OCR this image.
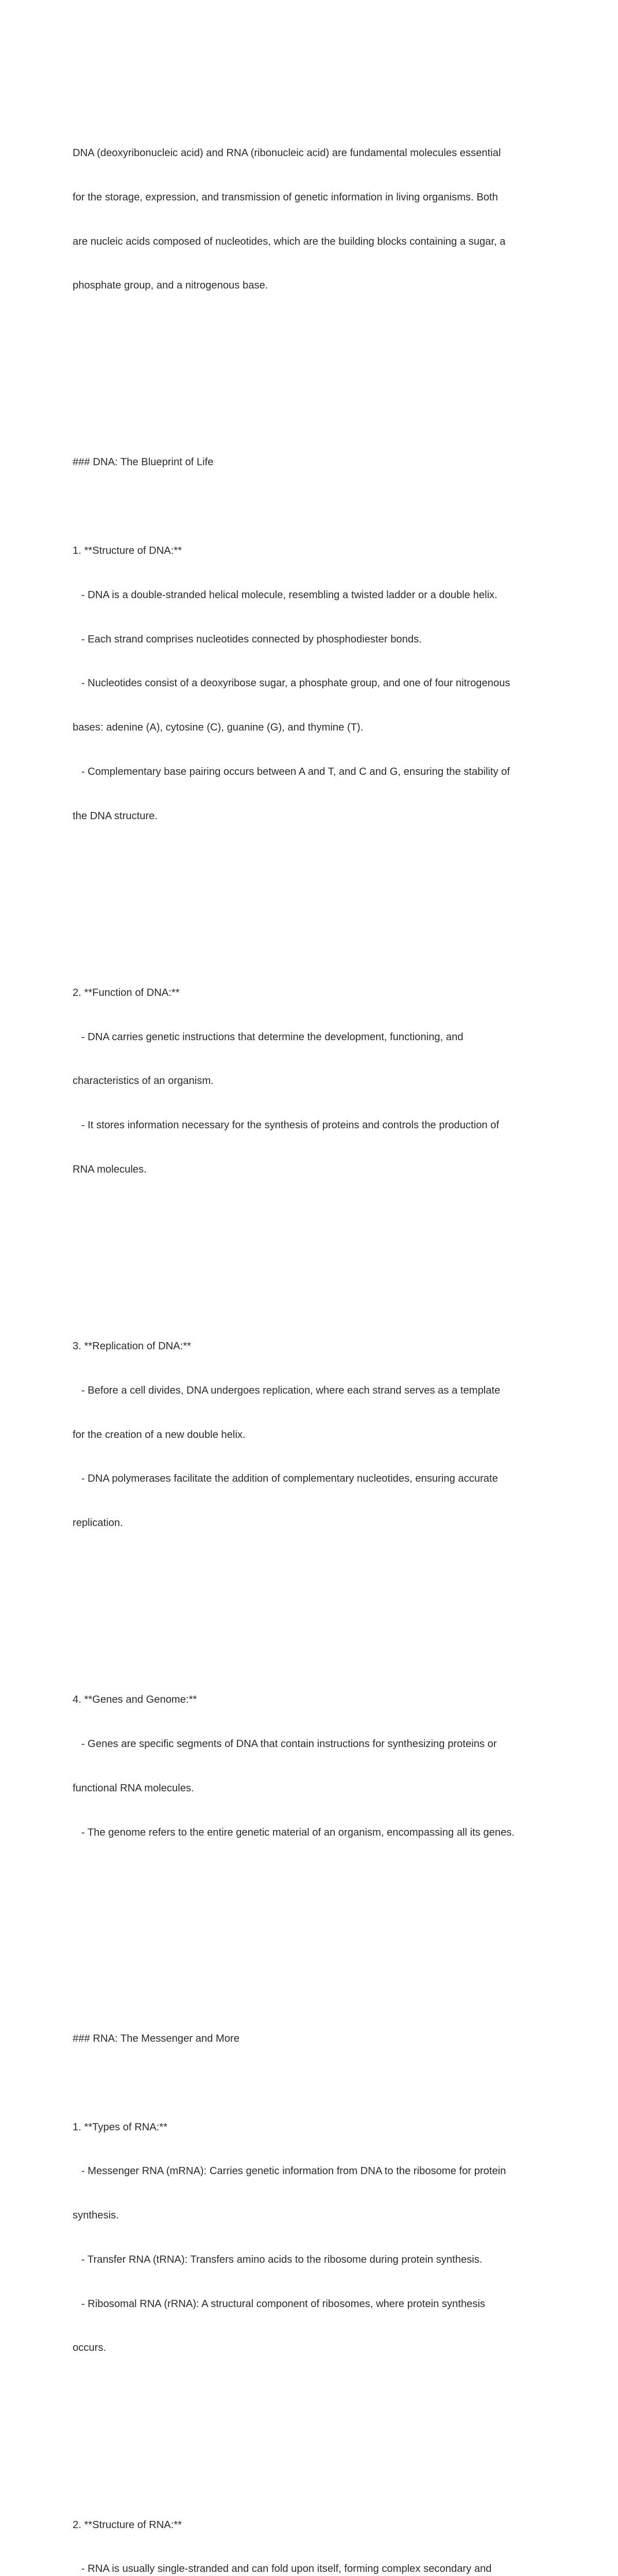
DNA (deoxyribonucleic acid) and RNA (ribonucleic acid) are fundamental molecules essential

for the storage, expression, and transmission of genetic information in living organisms. Both

are nucleic acids composed of nucleotides, which are the building blocks containing a sugar, a

phosphate group, and a nitrogenous base.

### DNA: The Blueprint of Life

1. **Structure of DNA:**

- DNA is a double-stranded helical molecule, resembling a twisted ladder or a double helix.

- Each strand comprises nucleotides connected by phosphodiester bonds.

- Nucleotides consist of a deoxyribose sugar, a phosphate group, and one of four nitrogenous

bases: adenine (A), cytosine (C), guanine (G), and thymine (T).

- Complementary base pairing occurs between A and T, and C and G, ensuring the stability of

the DNA structure.

2. **Function of DNA:**

- DNA carries genetic instructions that determine the development, functioning, and

characteristics of an organism.

- It stores information necessary for the synthesis of proteins and controls the production of

RNA molecules.

3. **Replication of DNA:**

- Before a cell divides, DNA undergoes replication, where each strand serves as a template

for the creation of a new double helix.

- DNA polymerases facilitate the addition of complementary nucleotides, ensuring accurate

replication.

4. **Genes and Genome:**

- Genes are specific segments of DNA that contain instructions for synthesizing proteins or

functional RNA molecules.

- The genome refers to the entire genetic material of an organism, encompassing all its genes.

### RNA: The Messenger and More

1. **Types of RNA:**

- Messenger RNA (mRNA): Carries genetic information from DNA to the ribosome for protein

synthesis.

- Transfer RNA (tRNA): Transfers amino acids to the ribosome during protein synthesis.

- Ribosomal RNA (rRNA): A structural component of ribosomes, where protein synthesis

occurs.

2. **Structure of RNA:**

- RNA is usually single-stranded and can fold upon itself, forming complex secondary and
